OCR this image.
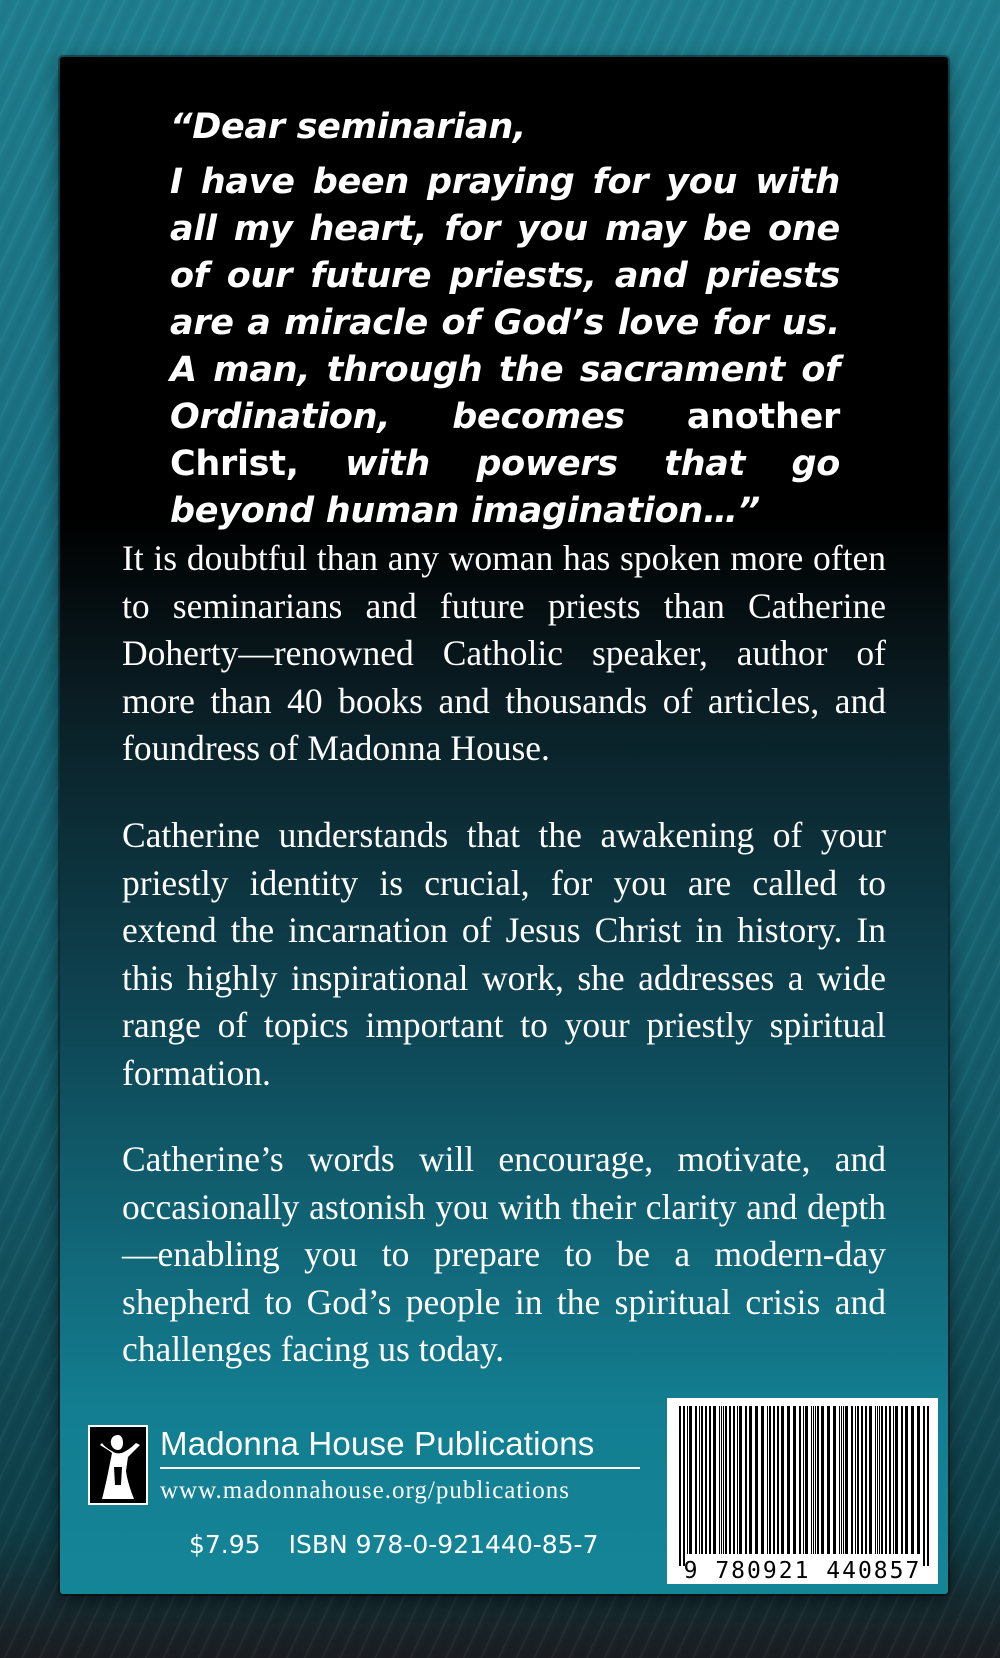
“Dear seminarian,
I have been praying for you with all my heart, for you may be one of our future priests, and priests are a miracle of God’s love for us. A man, through the sacrament of Ordination, becomes another Christ, with powers that go beyond human imagination…”

It is doubtful than any woman has spoken more often to seminarians and future priests than Catherine Doherty—renowned Catholic speaker, author of more than 40 books and thousands of articles, and foundress of Madonna House.

Catherine understands that the awakening of your priestly identity is crucial, for you are called to extend the incarnation of Jesus Christ in history. In this highly inspirational work, she addresses a wide range of topics important to your priestly spiritual formation.

Catherine’s words will encourage, motivate, and occasionally astonish you with their clarity and depth—enabling you to prepare to be a modern-day shepherd to God’s people in the spiritual crisis and challenges facing us today.

Madonna House Publications
www.madonnahouse.org/publications
$7.95 ISBN 978-0-921440-85-7
9 780921 440857
